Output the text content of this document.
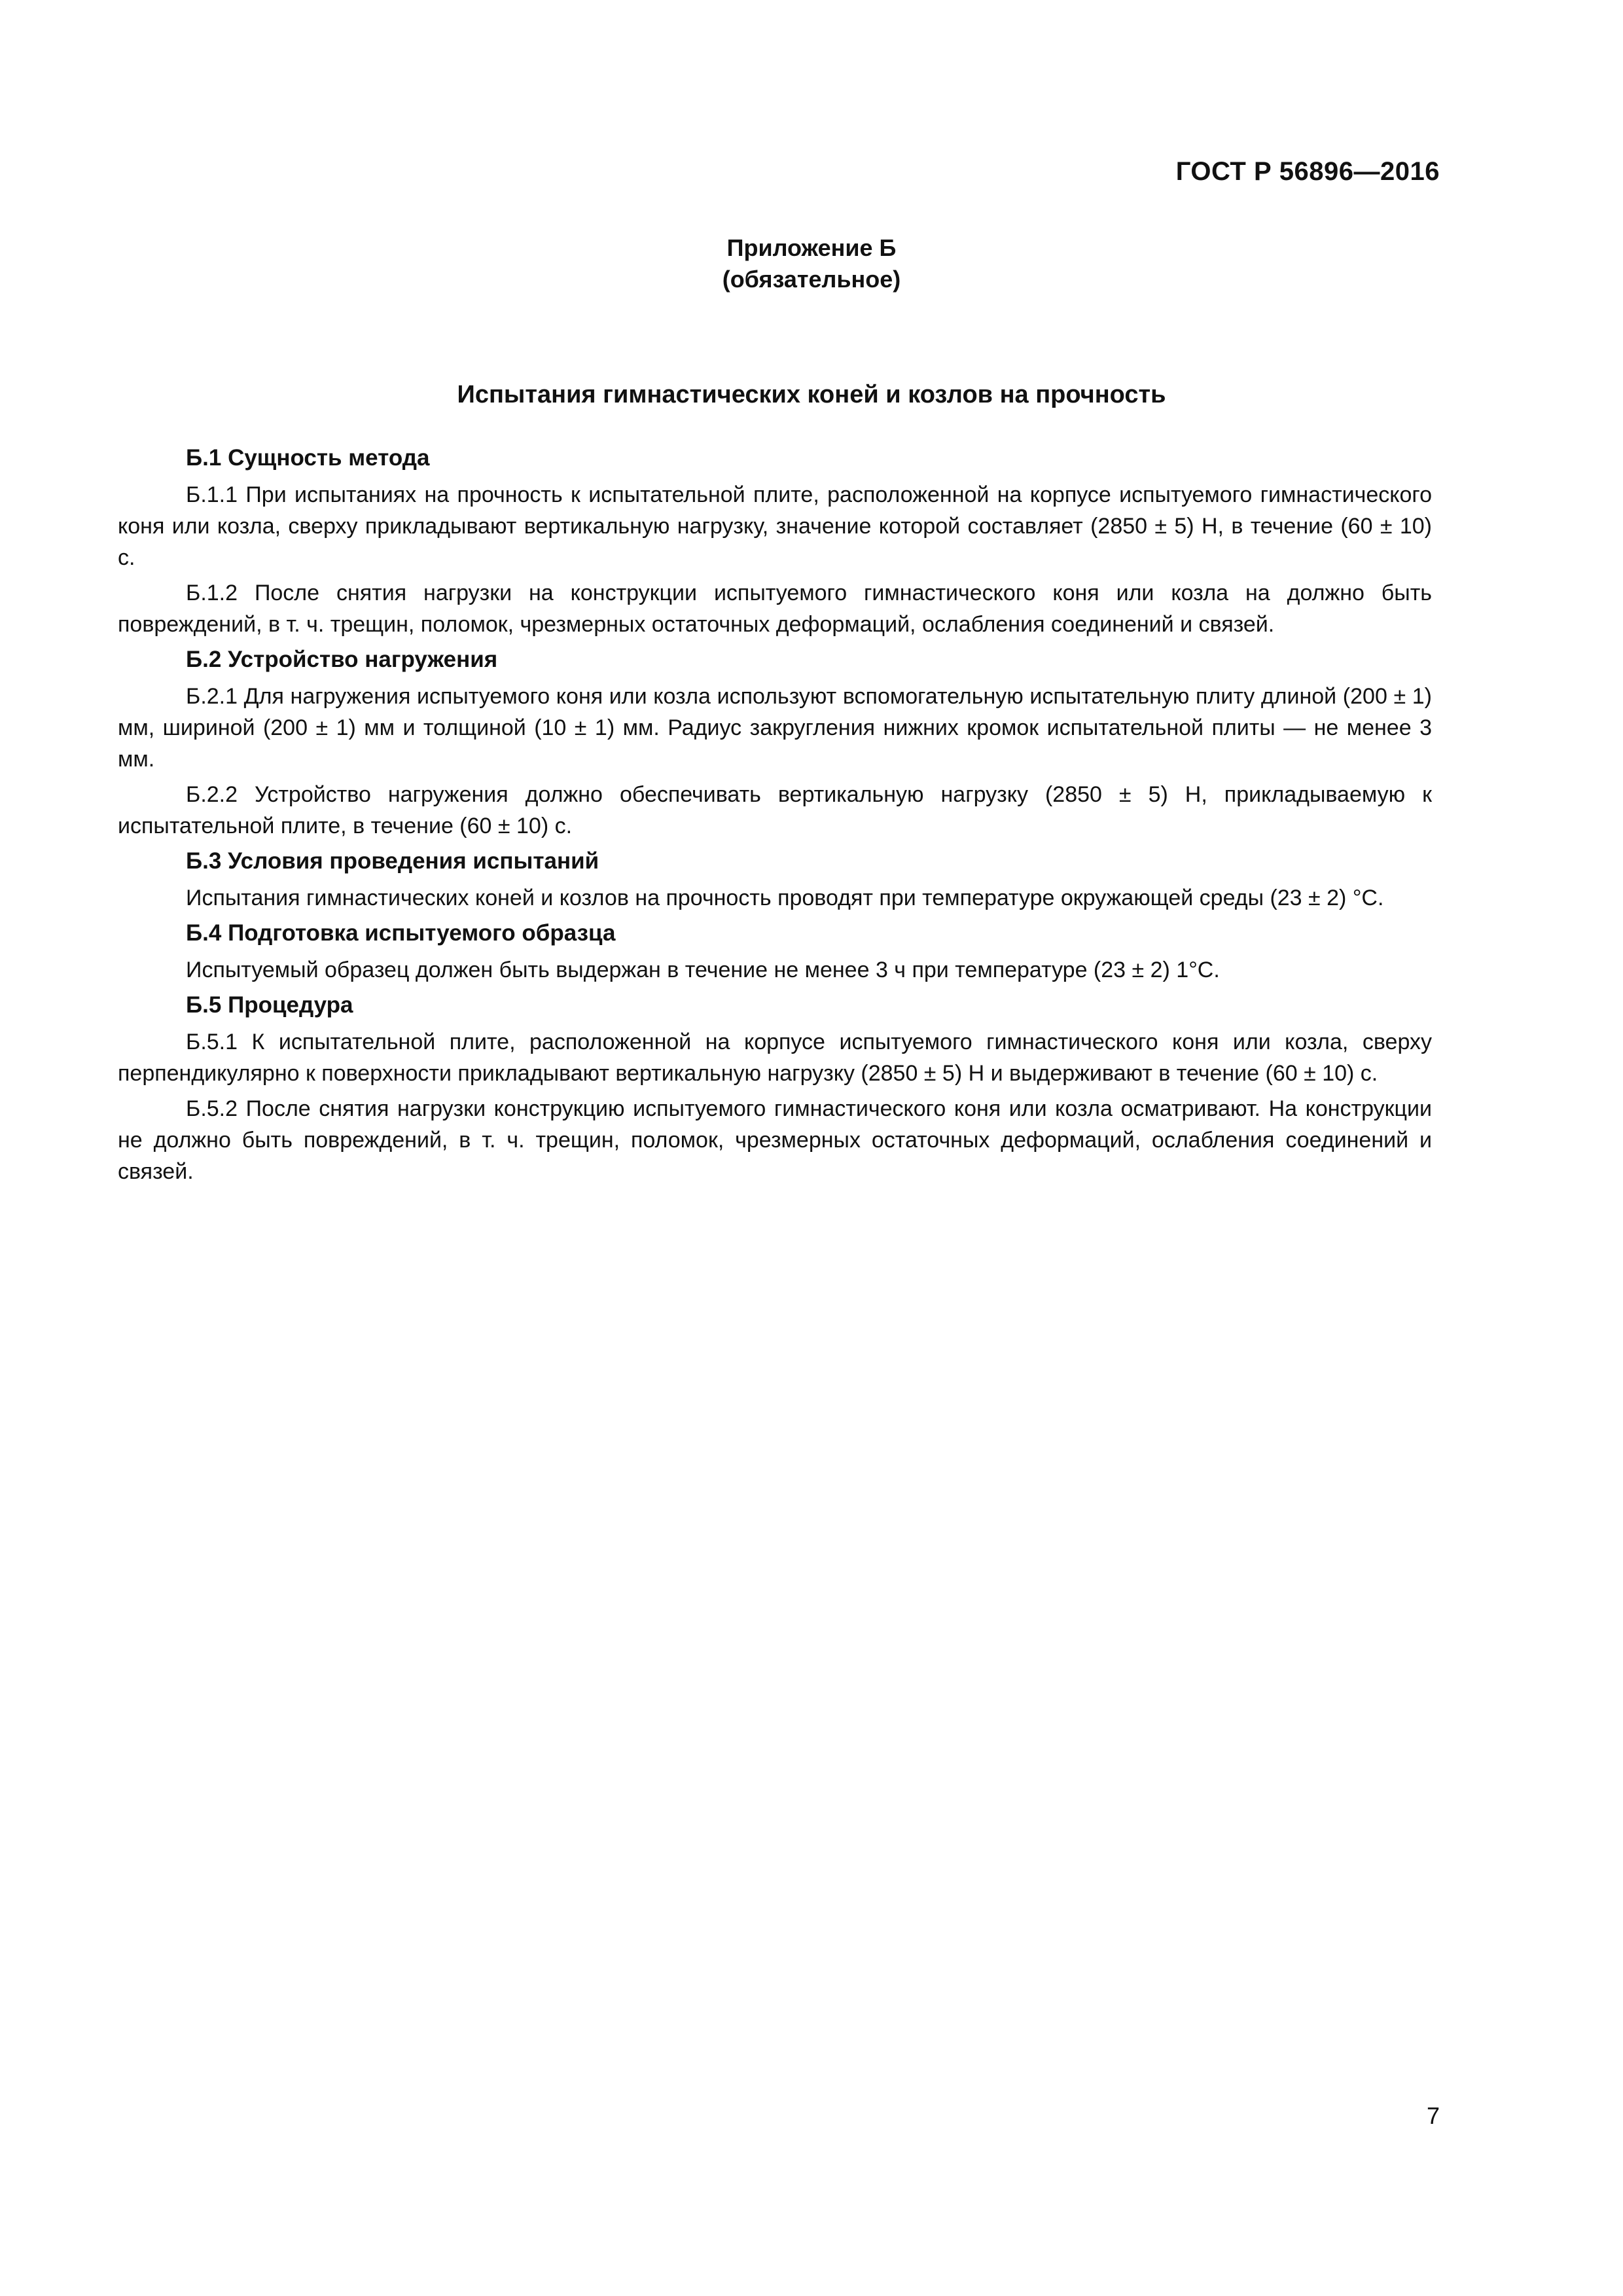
ГОСТ Р 56896—2016
Приложение Б
(обязательное)
Испытания гимнастических коней и козлов на прочность
Б.1 Сущность метода

Б.1.1 При испытаниях на прочность к испытательной плите, расположенной на корпусе испытуемого гимнастического коня или козла, сверху прикладывают вертикальную нагрузку, значение которой составляет (2850 ± 5) Н, в течение (60 ± 10) с.

Б.1.2 После снятия нагрузки на конструкции испытуемого гимнастического коня или козла на должно быть повреждений, в т. ч. трещин, поломок, чрезмерных остаточных деформаций, ослабления соединений и связей.

Б.2 Устройство нагружения

Б.2.1 Для нагружения испытуемого коня или козла используют вспомогательную испытательную плиту длиной (200 ± 1) мм, шириной (200 ± 1) мм и толщиной (10 ± 1) мм. Радиус закругления нижних кромок испытательной плиты — не менее 3 мм.

Б.2.2 Устройство нагружения должно обеспечивать вертикальную нагрузку (2850 ± 5) Н, прикладываемую к испытательной плите, в течение (60 ± 10) с.

Б.3 Условия проведения испытаний

Испытания гимнастических коней и козлов на прочность проводят при температуре окружающей среды (23 ± 2) °С.

Б.4 Подготовка испытуемого образца

Испытуемый образец должен быть выдержан в течение не менее 3 ч при температуре (23 ± 2) 1°С.

Б.5 Процедура

Б.5.1 К испытательной плите, расположенной на корпусе испытуемого гимнастического коня или козла, сверху перпендикулярно к поверхности прикладывают вертикальную нагрузку (2850 ± 5) Н и выдерживают в течение (60 ± 10) с.

Б.5.2 После снятия нагрузки конструкцию испытуемого гимнастического коня или козла осматривают. На конструкции не должно быть повреждений, в т. ч. трещин, поломок, чрезмерных остаточных деформаций, ослабления соединений и связей.

7
